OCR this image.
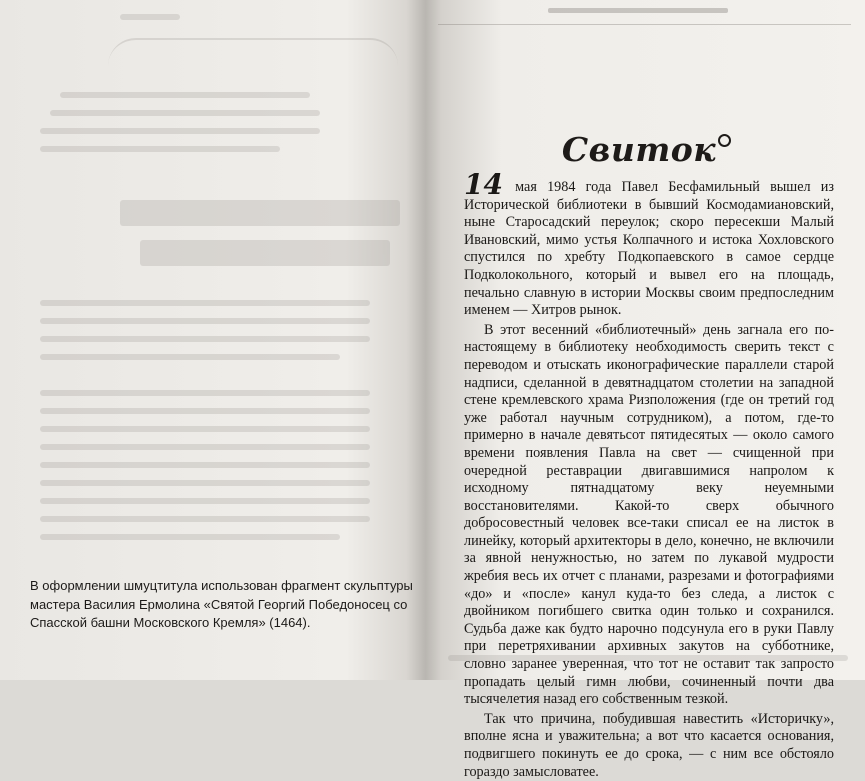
В оформлении шмуцтитула использован фрагмент скульптуры мастера Василия Ермолина «Святой Георгий Победоносец со Спасской башни Московского Кремля» (1464).

Свиток

14 мая 1984 года Павел Бесфамильный вышел из Исторической библиотеки в бывший Космодамиановский, ныне Старосадский переулок; скоро пересекши Малый Ивановский, мимо устья Колпачного и истока Хохловского спустился по хребту Подкопаевского в самое сердце Подколокольного, который и вывел его на площадь, печально славную в истории Москвы своим предпоследним именем — Хитров рынок.

В этот весенний «библиотечный» день загнала его по-настоящему в библиотеку необходимость сверить текст с переводом и отыскать иконографические параллели старой надписи, сделанной в девятнадцатом столетии на западной стене кремлевского храма Ризположения (где он третий год уже работал научным сотрудником), а потом, где-то примерно в начале девятьсот пятидесятых — около самого времени появления Павла на свет — счищенной при очередной реставрации двигавшимися напролом к исходному пятнадцатому веку неуемными восстановителями. Какой-то сверх обычного добросовестный человек все-таки списал ее на листок в линейку, который архитекторы в дело, конечно, не включили за явной ненужностью, но затем по лукавой мудрости жребия весь их отчет с планами, разрезами и фотографиями «до» и «после» канул куда-то без следа, а листок с двойником погибшего свитка один только и сохранился. Судьба даже как будто нарочно подсунула его в руки Павлу при перетряхивании архивных закутов на субботнике, словно заранее уверенная, что тот не оставит так запросто пропадать целый гимн любви, сочиненный почти два тысячелетия назад его собственным тезкой.

Так что причина, побудившая навестить «Историчку», вполне ясна и уважительна; а вот что касается основания, подвигшего покинуть ее до срока, — с ним все обстояло гораздо замысловатее.
